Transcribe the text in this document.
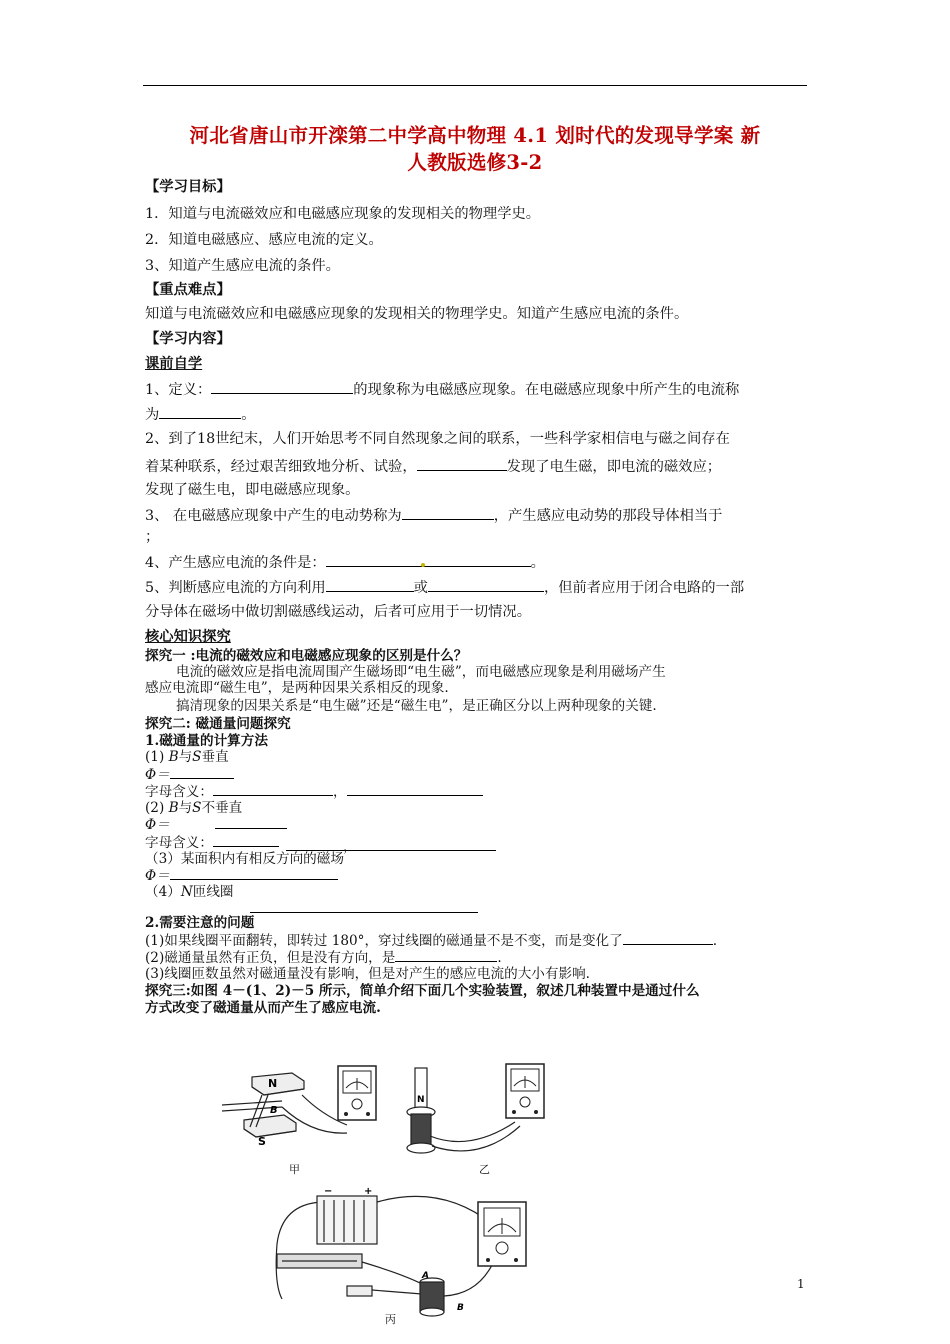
河北省唐山市开滦第二中学高中物理 4.1 划时代的发现导学案 新
人教版选修3-2
【学习目标】
1．知道与电流磁效应和电磁感应现象的发现相关的物理学史。
2．知道电磁感应、感应电流的定义。
3、知道产生感应电流的条件。
【重点难点】
知道与电流磁效应和电磁感应现象的发现相关的物理学史。知道产生感应电流的条件。
【学习内容】
课前自学
1、定义：	的现象称为电磁感应现象。在电磁感应现象中所产生的电流称
为	。
2、到了18世纪末，人们开始思考不同自然现象之间的联系，一些科学家相信电与磁之间存在
着某种联系，经过艰苦细致地分析、试验，	发现了电生磁，即电流的磁效应；
发现了磁生电，即电磁感应现象。
3、 在电磁感应现象中产生的电动势称为	，产生感应电动势的那段导体相当于
；
4、产生感应电流的条件是：	。
5、判断感应电流的方向利用	或	，但前者应用于闭合电路的一部
分导体在磁场中做切割磁感线运动，后者可应用于一切情况。
核心知识探究
探究一 :电流的磁效应和电磁感应现象的区别是什么？
电流的磁效应是指电流周围产生磁场即“电生磁”，而电磁感应现象是利用磁场产生
感应电流即“磁生电”，是两种因果关系相反的现象.
搞清现象的因果关系是“电生磁”还是“磁生电”，是正确区分以上两种现象的关键.
探究二: 磁通量问题探究
1.磁通量的计算方法
(1) B与S垂直
Φ＝
字母含义：	，
(2) B与S不垂直
Φ＝
字母含义：	，
（3）某面积内有相反方向的磁场
Φ＝
（4）N匝线圈
2.需要注意的问题
(1)如果线圈平面翻转，即转过 180°，穿过线圈的磁通量不是不变，而是变化了	.
(2)磁通量虽然有正负，但是没有方向，是	.
(3)线圈匝数虽然对磁通量没有影响，但是对产生的感应电流的大小有影响.
探究三:如图 4－(1、2)－5 所示，简单介绍下面几个实验装置，叙述几种装置中是通过什么
方式改变了磁通量从而产生了感应电流.
N
S
B
甲
N
乙
−	+
A
B
丙
1
